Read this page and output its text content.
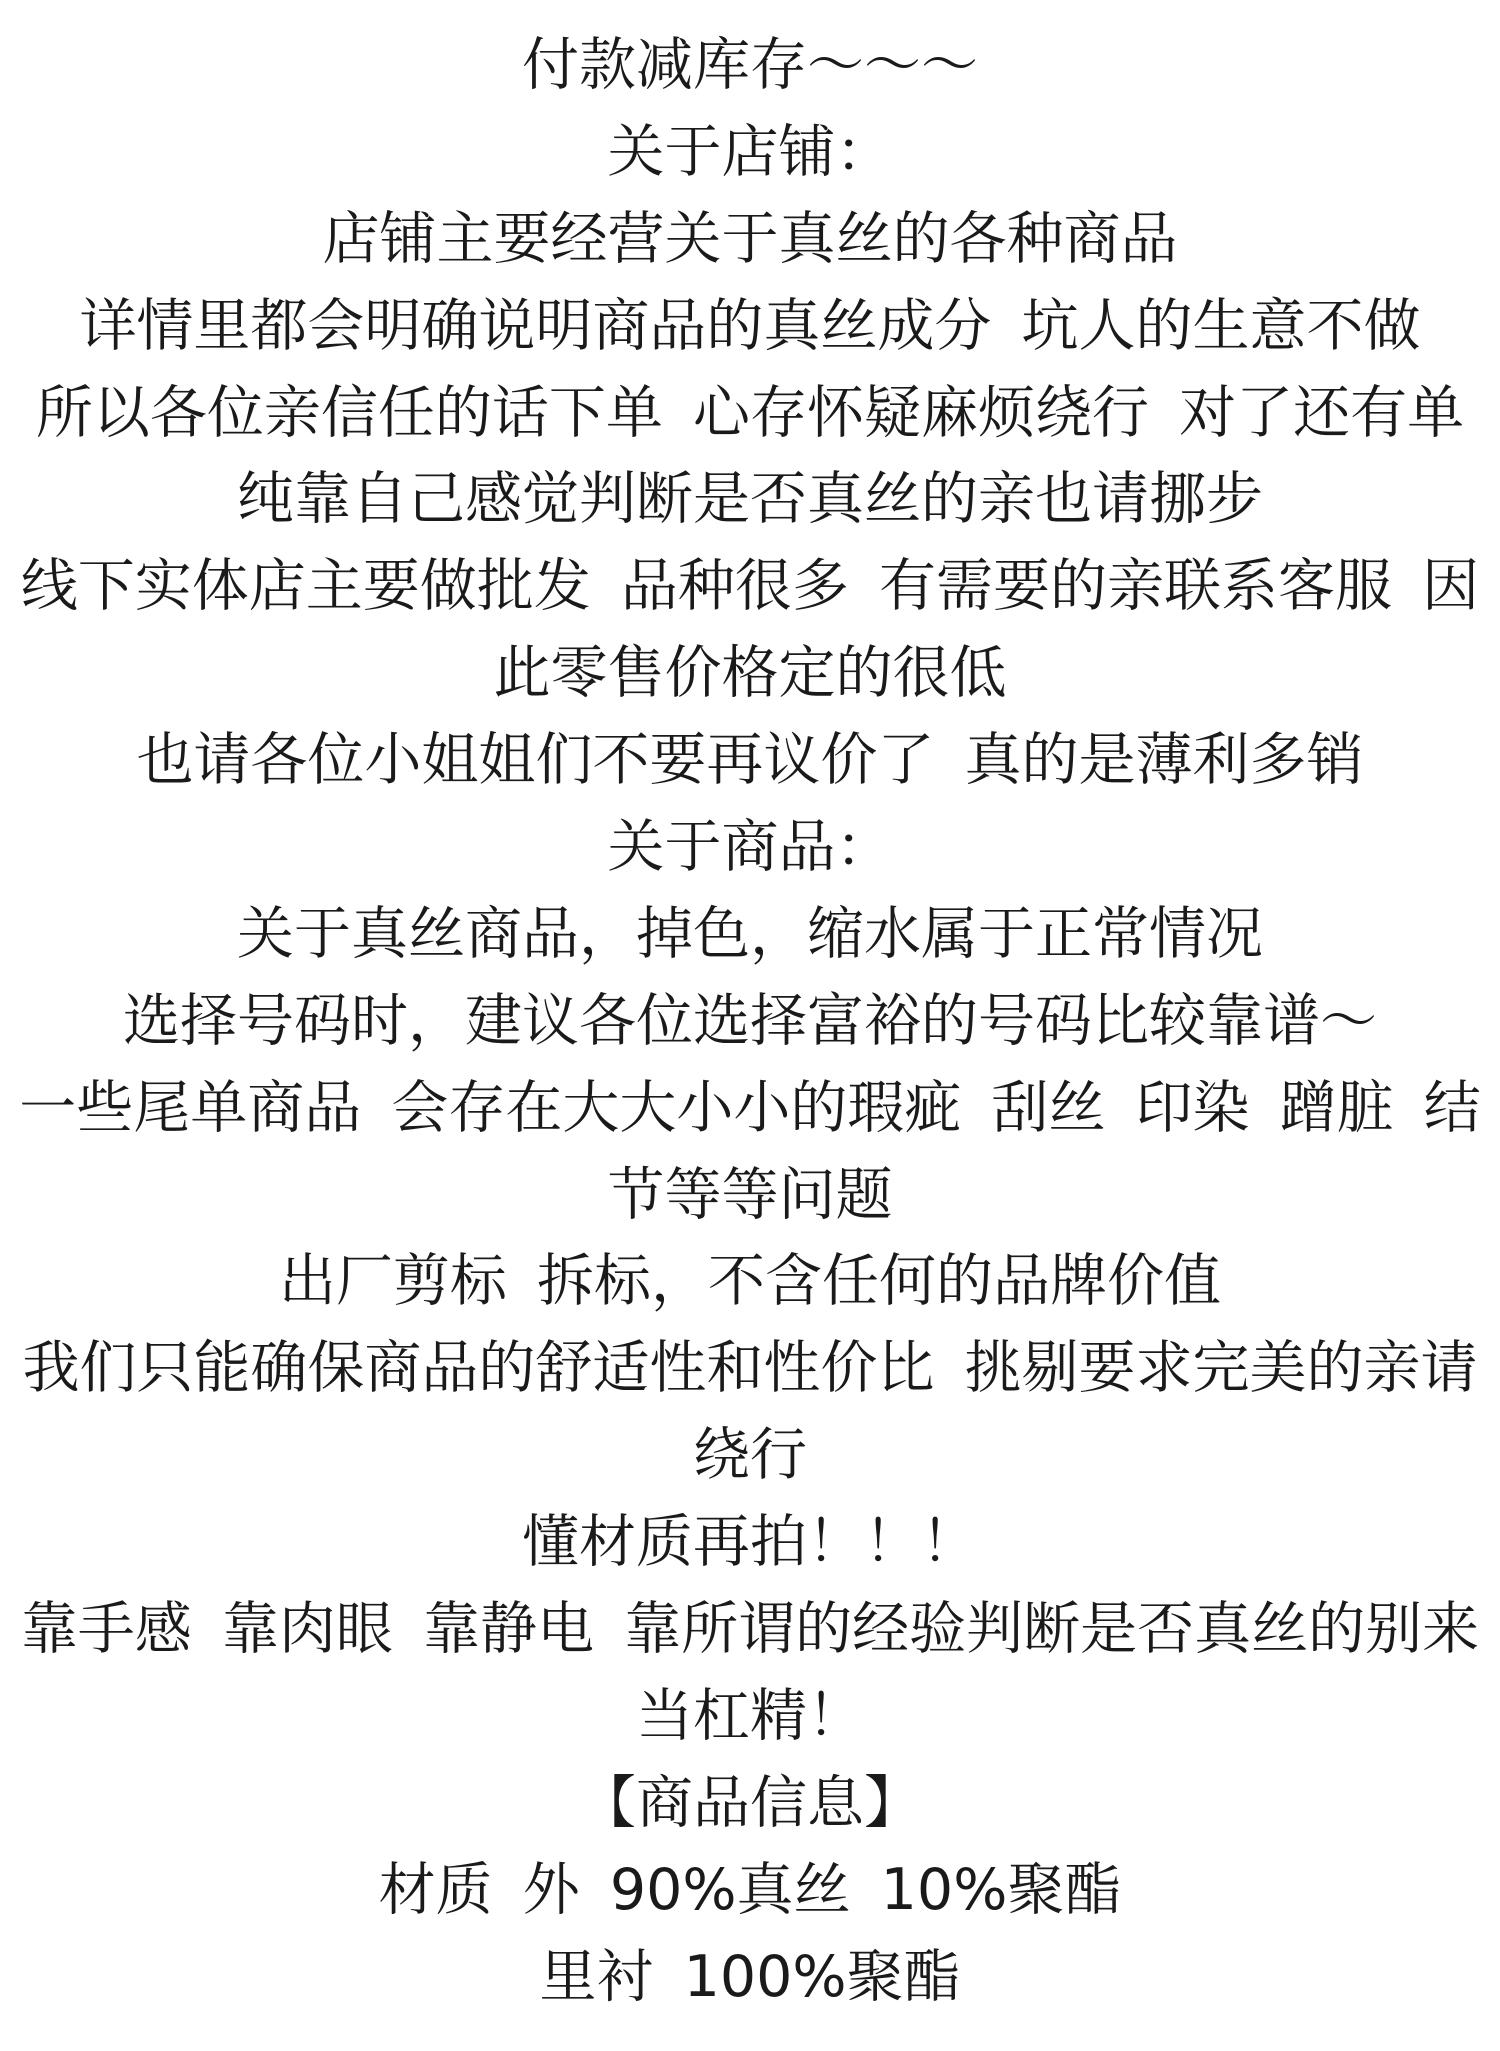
付款减库存～～～
关于店铺：
店铺主要经营关于真丝的各种商品
详情里都会明确说明商品的真丝成分 坑人的生意不做
所以各位亲信任的话下单 心存怀疑麻烦绕行 对了还有单
纯靠自己感觉判断是否真丝的亲也请挪步
线下实体店主要做批发 品种很多 有需要的亲联系客服 因
此零售价格定的很低
也请各位小姐姐们不要再议价了 真的是薄利多销
关于商品：
关于真丝商品，掉色，缩水属于正常情况
选择号码时，建议各位选择富裕的号码比较靠谱～
一些尾单商品 会存在大大小小的瑕疵 刮丝 印染 蹭脏 结
节等等问题
出厂剪标 拆标，不含任何的品牌价值
我们只能确保商品的舒适性和性价比 挑剔要求完美的亲请
绕行
懂材质再拍！！！
靠手感 靠肉眼 靠静电 靠所谓的经验判断是否真丝的别来
当杠精！
【商品信息】
材质 外 90%真丝 10%聚酯
里衬 100%聚酯
